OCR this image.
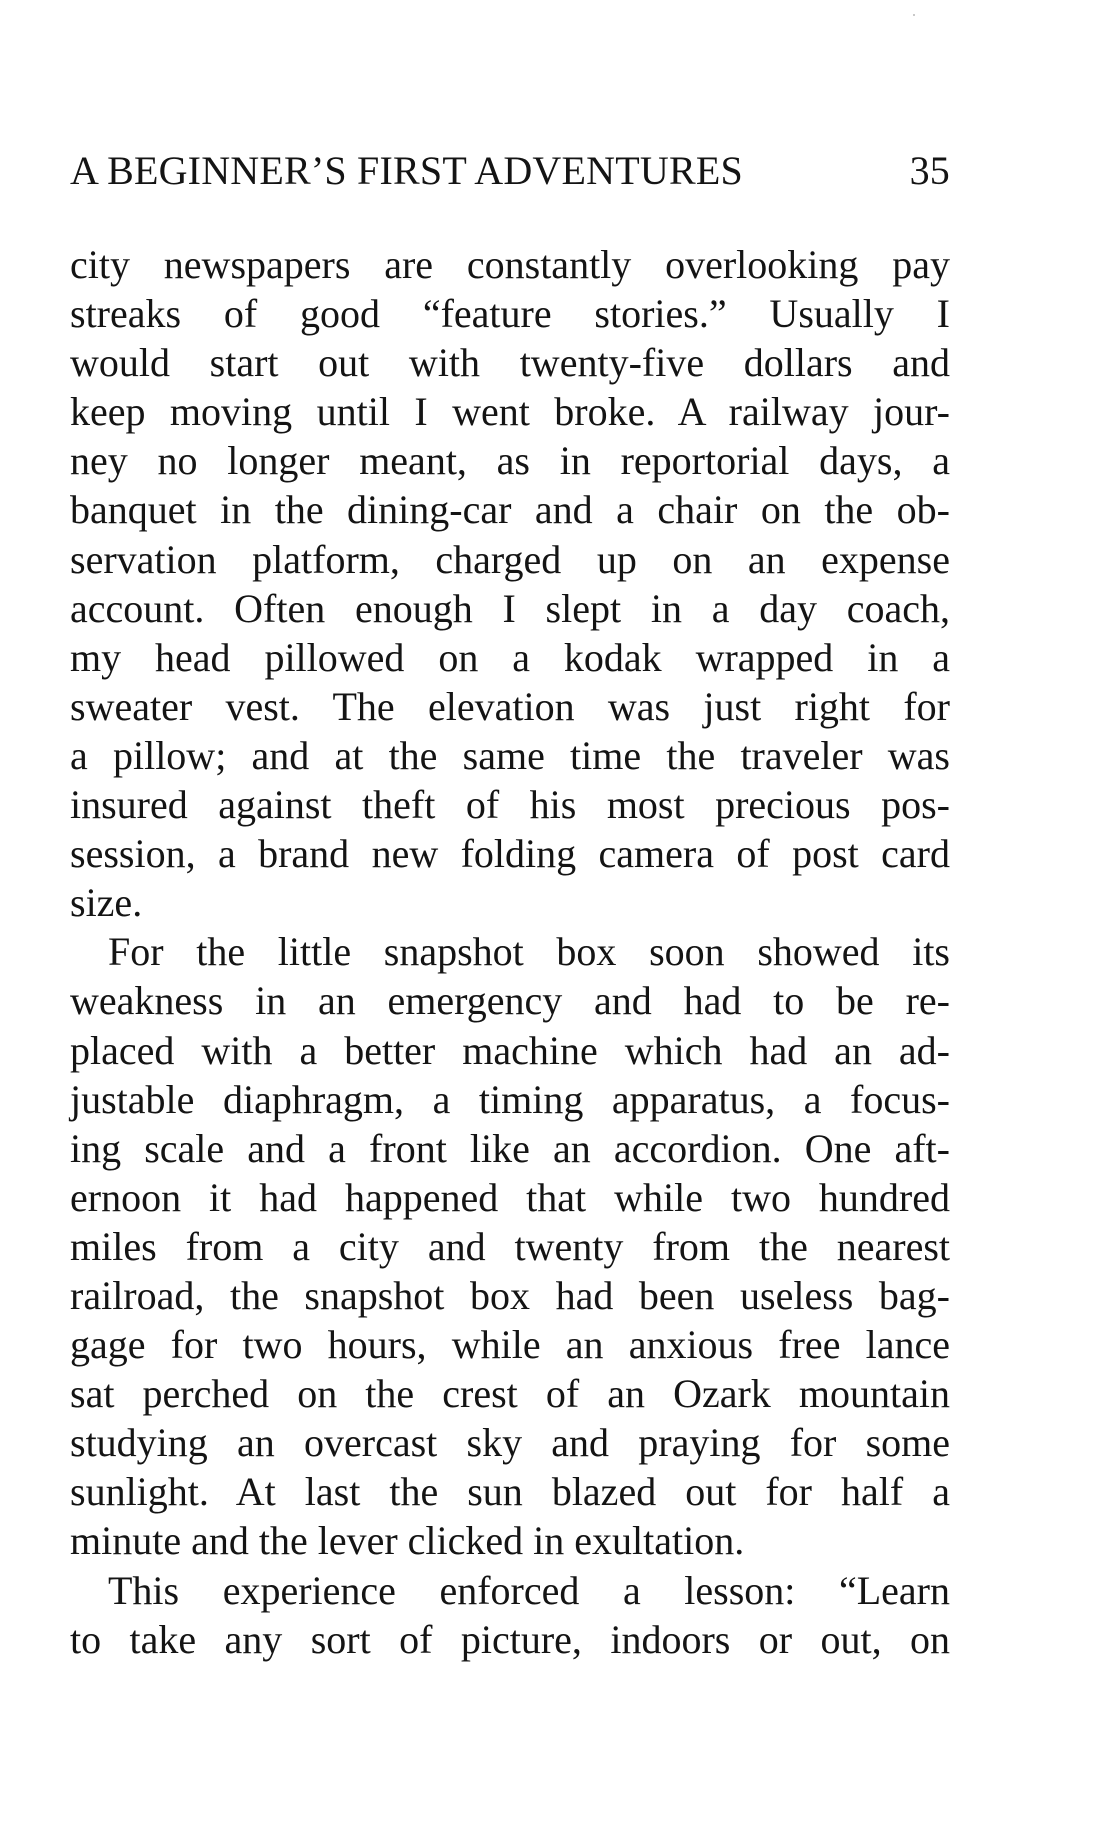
A BEGINNER’S FIRST ADVENTURES	35
city newspapers are constantly overlooking pay
streaks of good “feature stories.” Usually I
would start out with twenty-five dollars and
keep moving until I went broke. A railway jour-
ney no longer meant, as in reportorial days, a
banquet in the dining-car and a chair on the ob-
servation platform, charged up on an expense
account. Often enough I slept in a day coach,
my head pillowed on a kodak wrapped in a
sweater vest. The elevation was just right for
a pillow; and at the same time the traveler was
insured against theft of his most precious pos-
session, a brand new folding camera of post card
size.
For the little snapshot box soon showed its
weakness in an emergency and had to be re-
placed with a better machine which had an ad-
justable diaphragm, a timing apparatus, a focus-
ing scale and a front like an accordion. One aft-
ernoon it had happened that while two hundred
miles from a city and twenty from the nearest
railroad, the snapshot box had been useless bag-
gage for two hours, while an anxious free lance
sat perched on the crest of an Ozark mountain
studying an overcast sky and praying for some
sunlight. At last the sun blazed out for half a
minute and the lever clicked in exultation.
This experience enforced a lesson: “Learn
to take any sort of picture, indoors or out, on
